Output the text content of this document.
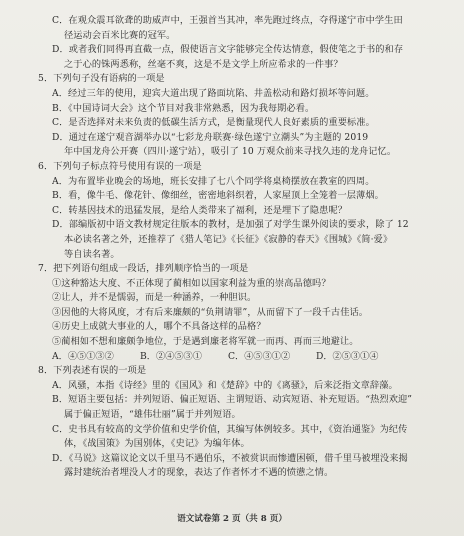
C．在观众震耳欲聋的助威声中，王强首当其冲，率先跑过终点，夺得遂宁市中学生田
径运动会百米比赛的冠军。
D．或者我们同得再直截一点，假使语言文字能够完全传达情意，假使笔之于书的和存
之于心的铢两悉称，丝毫不爽，这是不是文学上所应希求的一件事？
5．下列句子没有语病的一项是
A．经过三年的使用，迎宾大道出现了路面坑陷、井盖松动和路灯损坏等问题。
B．《中国诗词大会》这个节目对我非常熟悉，因为我每期必看。
C．是否选择对未来负责的低碳生活方式，是衡量现代人良好素质的重要标准。
D．通过在遂宁观音湖举办以“七彩龙舟联赛·绿色遂宁立潮头”为主题的 2019
年中国龙舟公开赛（四川·遂宁站），吸引了 10 万观众前来寻找久违的龙舟记忆。
6．下列句子标点符号使用有误的一项是
A．为布置毕业晚会的场地，班长安排了七八个同学将桌椅摆放在教室的四周。
B．看，像牛毛、像花针、像细丝，密密地斜织着，人家屋顶上全笼着一层薄烟。
C．转基因技术的迅猛发展，是给人类带来了福利，还是埋下了隐患呢？
D．部编版初中语文教材规定往版本的教材，是加强了对学生课外阅读的要求，除了 12
本必读名著之外，还推荐了《猎人笔记》《长征》《寂静的春天》《围城》《简·爱》
等自读名著。
7．把下列语句组成一段话，排列顺序恰当的一项是
①这种豁达大度、不正体现了蔺相如以国家利益为重的崇高品德吗？
②让人，并不是懦弱，而是一种涵养，一种胆识。
③因他的大将风度，才有后来廉颇的“负荆请罪”，从而留下了一段千古佳话。
④历史上成就大事业的人，哪个不具备这样的品格？
⑤蔺相如不想和廉颇争地位，于是遇到廉老将军就一而再、再而三地避让。
A．④⑤①③②	B．②④⑤③①	C．④⑤③①②	D．②⑤③①④
8．下列表述有误的一项是
A．风骚，本指《诗经》里的《国风》和《楚辞》中的《离骚》，后来泛指文章辞藻。
B．短语主要包括：并列短语、偏正短语、主谓短语、动宾短语、补充短语。“热烈欢迎”
属于偏正短语，“雄伟壮丽”属于并列短语。
C．史书具有较高的文学价值和史学价值，其编写体例较多。其中，《资治通鉴》为纪传
体，《战国策》为国别体，《史记》为编年体。
D．《马说》这篇议论文以千里马不遇伯乐，不被赏识而惨遭困顿，借千里马被埋没来揭
露封建统治者埋没人才的现象，表达了作者怀才不遇的愤懑之情。
语文试卷第 2 页（共 8 页）
